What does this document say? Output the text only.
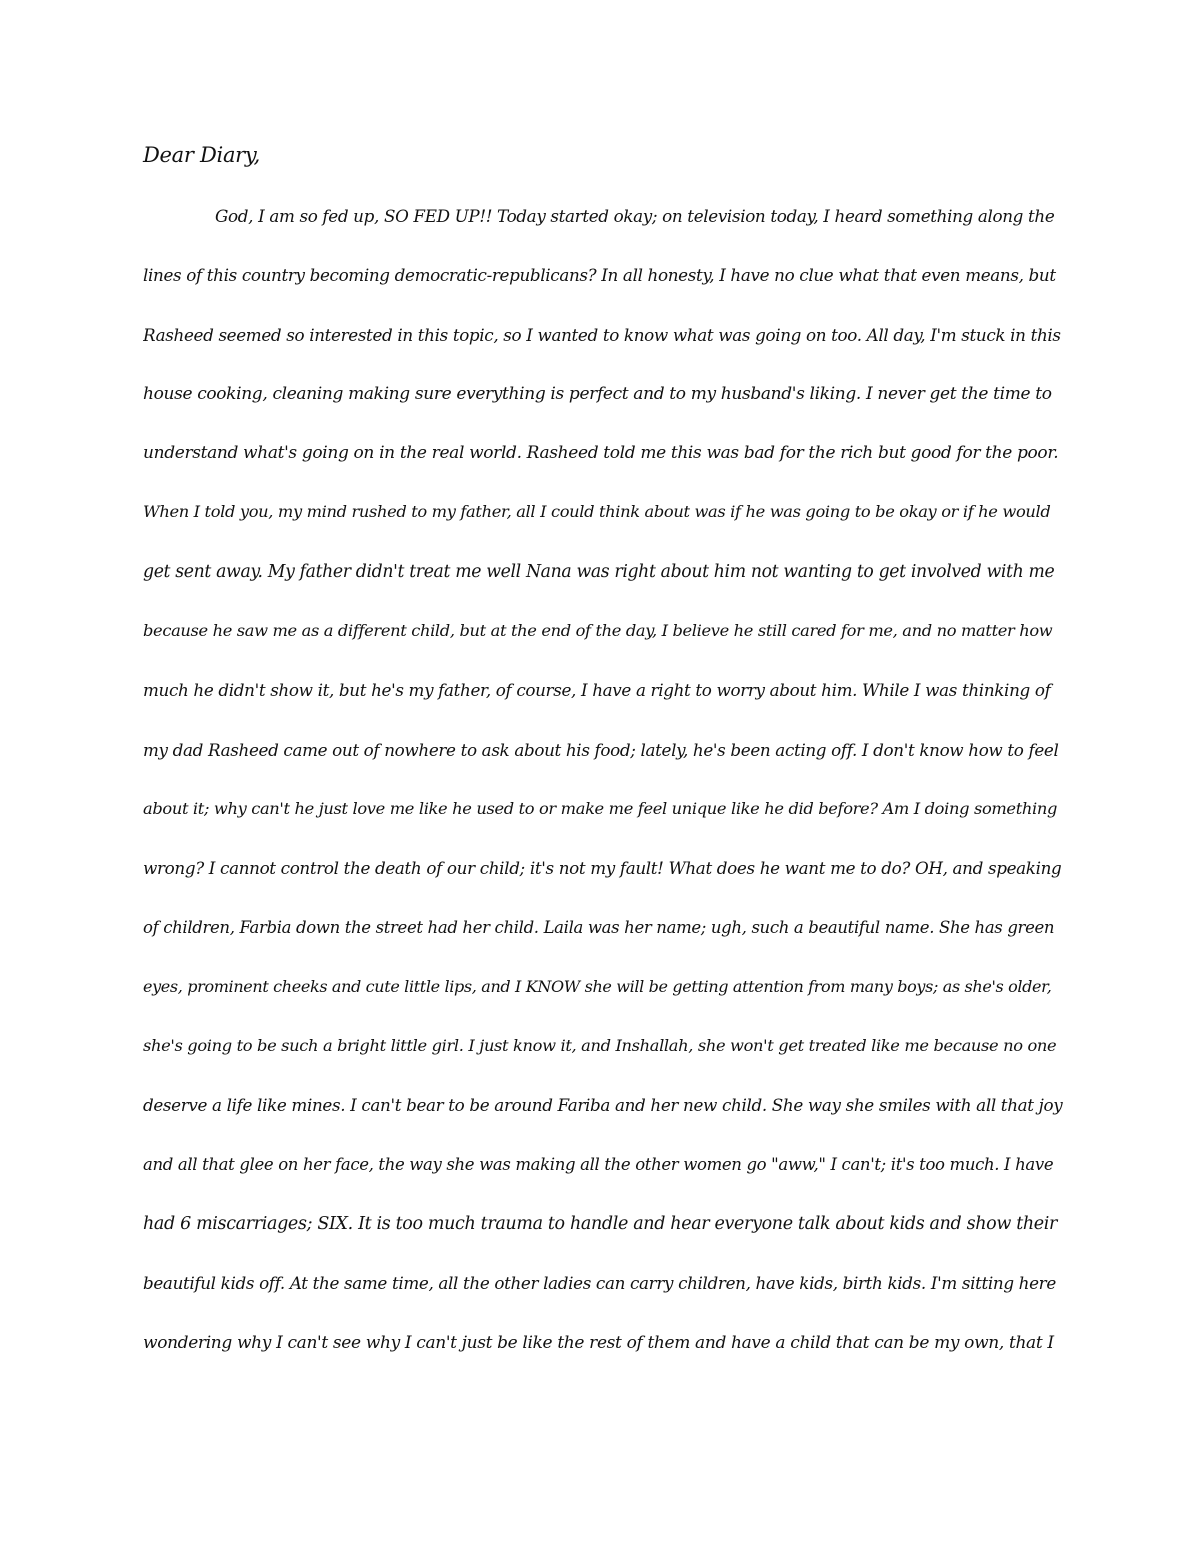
Dear Diary,
God, I am so fed up, SO FED UP!! Today started okay; on television today, I heard something along the
lines of this country becoming democratic-republicans? In all honesty, I have no clue what that even means, but
Rasheed seemed so interested in this topic, so I wanted to know what was going on too. All day, I'm stuck in this
house cooking, cleaning making sure everything is perfect and to my husband's liking. I never get the time to
understand what's going on in the real world. Rasheed told me this was bad for the rich but good for the poor.
When I told you, my mind rushed to my father, all I could think about was if he was going to be okay or if he would
get sent away. My father didn't treat me well Nana was right about him not wanting to get involved with me
because he saw me as a different child, but at the end of the day, I believe he still cared for me, and no matter how
much he didn't show it, but he's my father, of course, I have a right to worry about him. While I was thinking of
my dad Rasheed came out of nowhere to ask about his food; lately, he's been acting off. I don't know how to feel
about it; why can't he just love me like he used to or make me feel unique like he did before? Am I doing something
wrong? I cannot control the death of our child; it's not my fault! What does he want me to do? OH, and speaking
of children, Farbia down the street had her child. Laila was her name; ugh, such a beautiful name. She has green
eyes, prominent cheeks and cute little lips, and I KNOW she will be getting attention from many boys; as she's older,
she's going to be such a bright little girl. I just know it, and Inshallah, she won't get treated like me because no one
deserve a life like mines. I can't bear to be around Fariba and her new child. She way she smiles with all that joy
and all that glee on her face, the way she was making all the other women go "aww," I can't; it's too much. I have
had 6 miscarriages; SIX. It is too much trauma to handle and hear everyone talk about kids and show their
beautiful kids off. At the same time, all the other ladies can carry children, have kids, birth kids. I'm sitting here
wondering why I can't see why I can't just be like the rest of them and have a child that can be my own, that I
